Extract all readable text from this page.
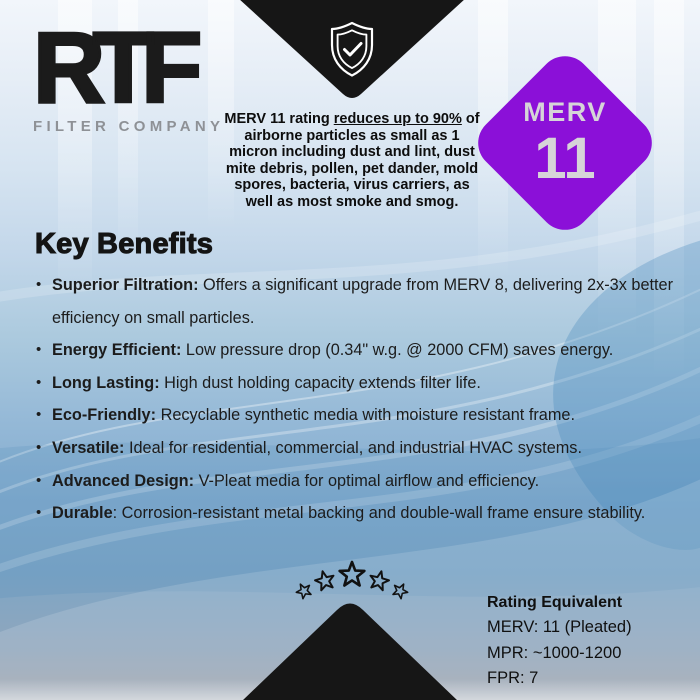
RTF
FILTER COMPANY MERV 11 rating reduces up to 90% of airborne particles as small as 1 micron including dust and lint, dust mite debris, pollen, pet dander, mold spores, bacteria, virus carriers, as well as most smoke and smog.

MERV
11
Key Benefits
• Superior Filtration: Offers a significant upgrade from MERV 8, delivering 2x-3x better efficiency on small particles.
• Energy Efficient: Low pressure drop (0.34" w.g. @ 2000 CFM) saves energy.
• Long Lasting: High dust holding capacity extends filter life.
• Eco-Friendly: Recyclable synthetic media with moisture resistant frame.
• Versatile: Ideal for residential, commercial, and industrial HVAC systems.
• Advanced Design: V-Pleat media for optimal airflow and efficiency.
• Durable: Corrosion-resistant metal backing and double-wall frame ensure stability.
Rating Equivalent
MERV: 11 (Pleated)
MPR: ~1000-1200
FPR: 7
